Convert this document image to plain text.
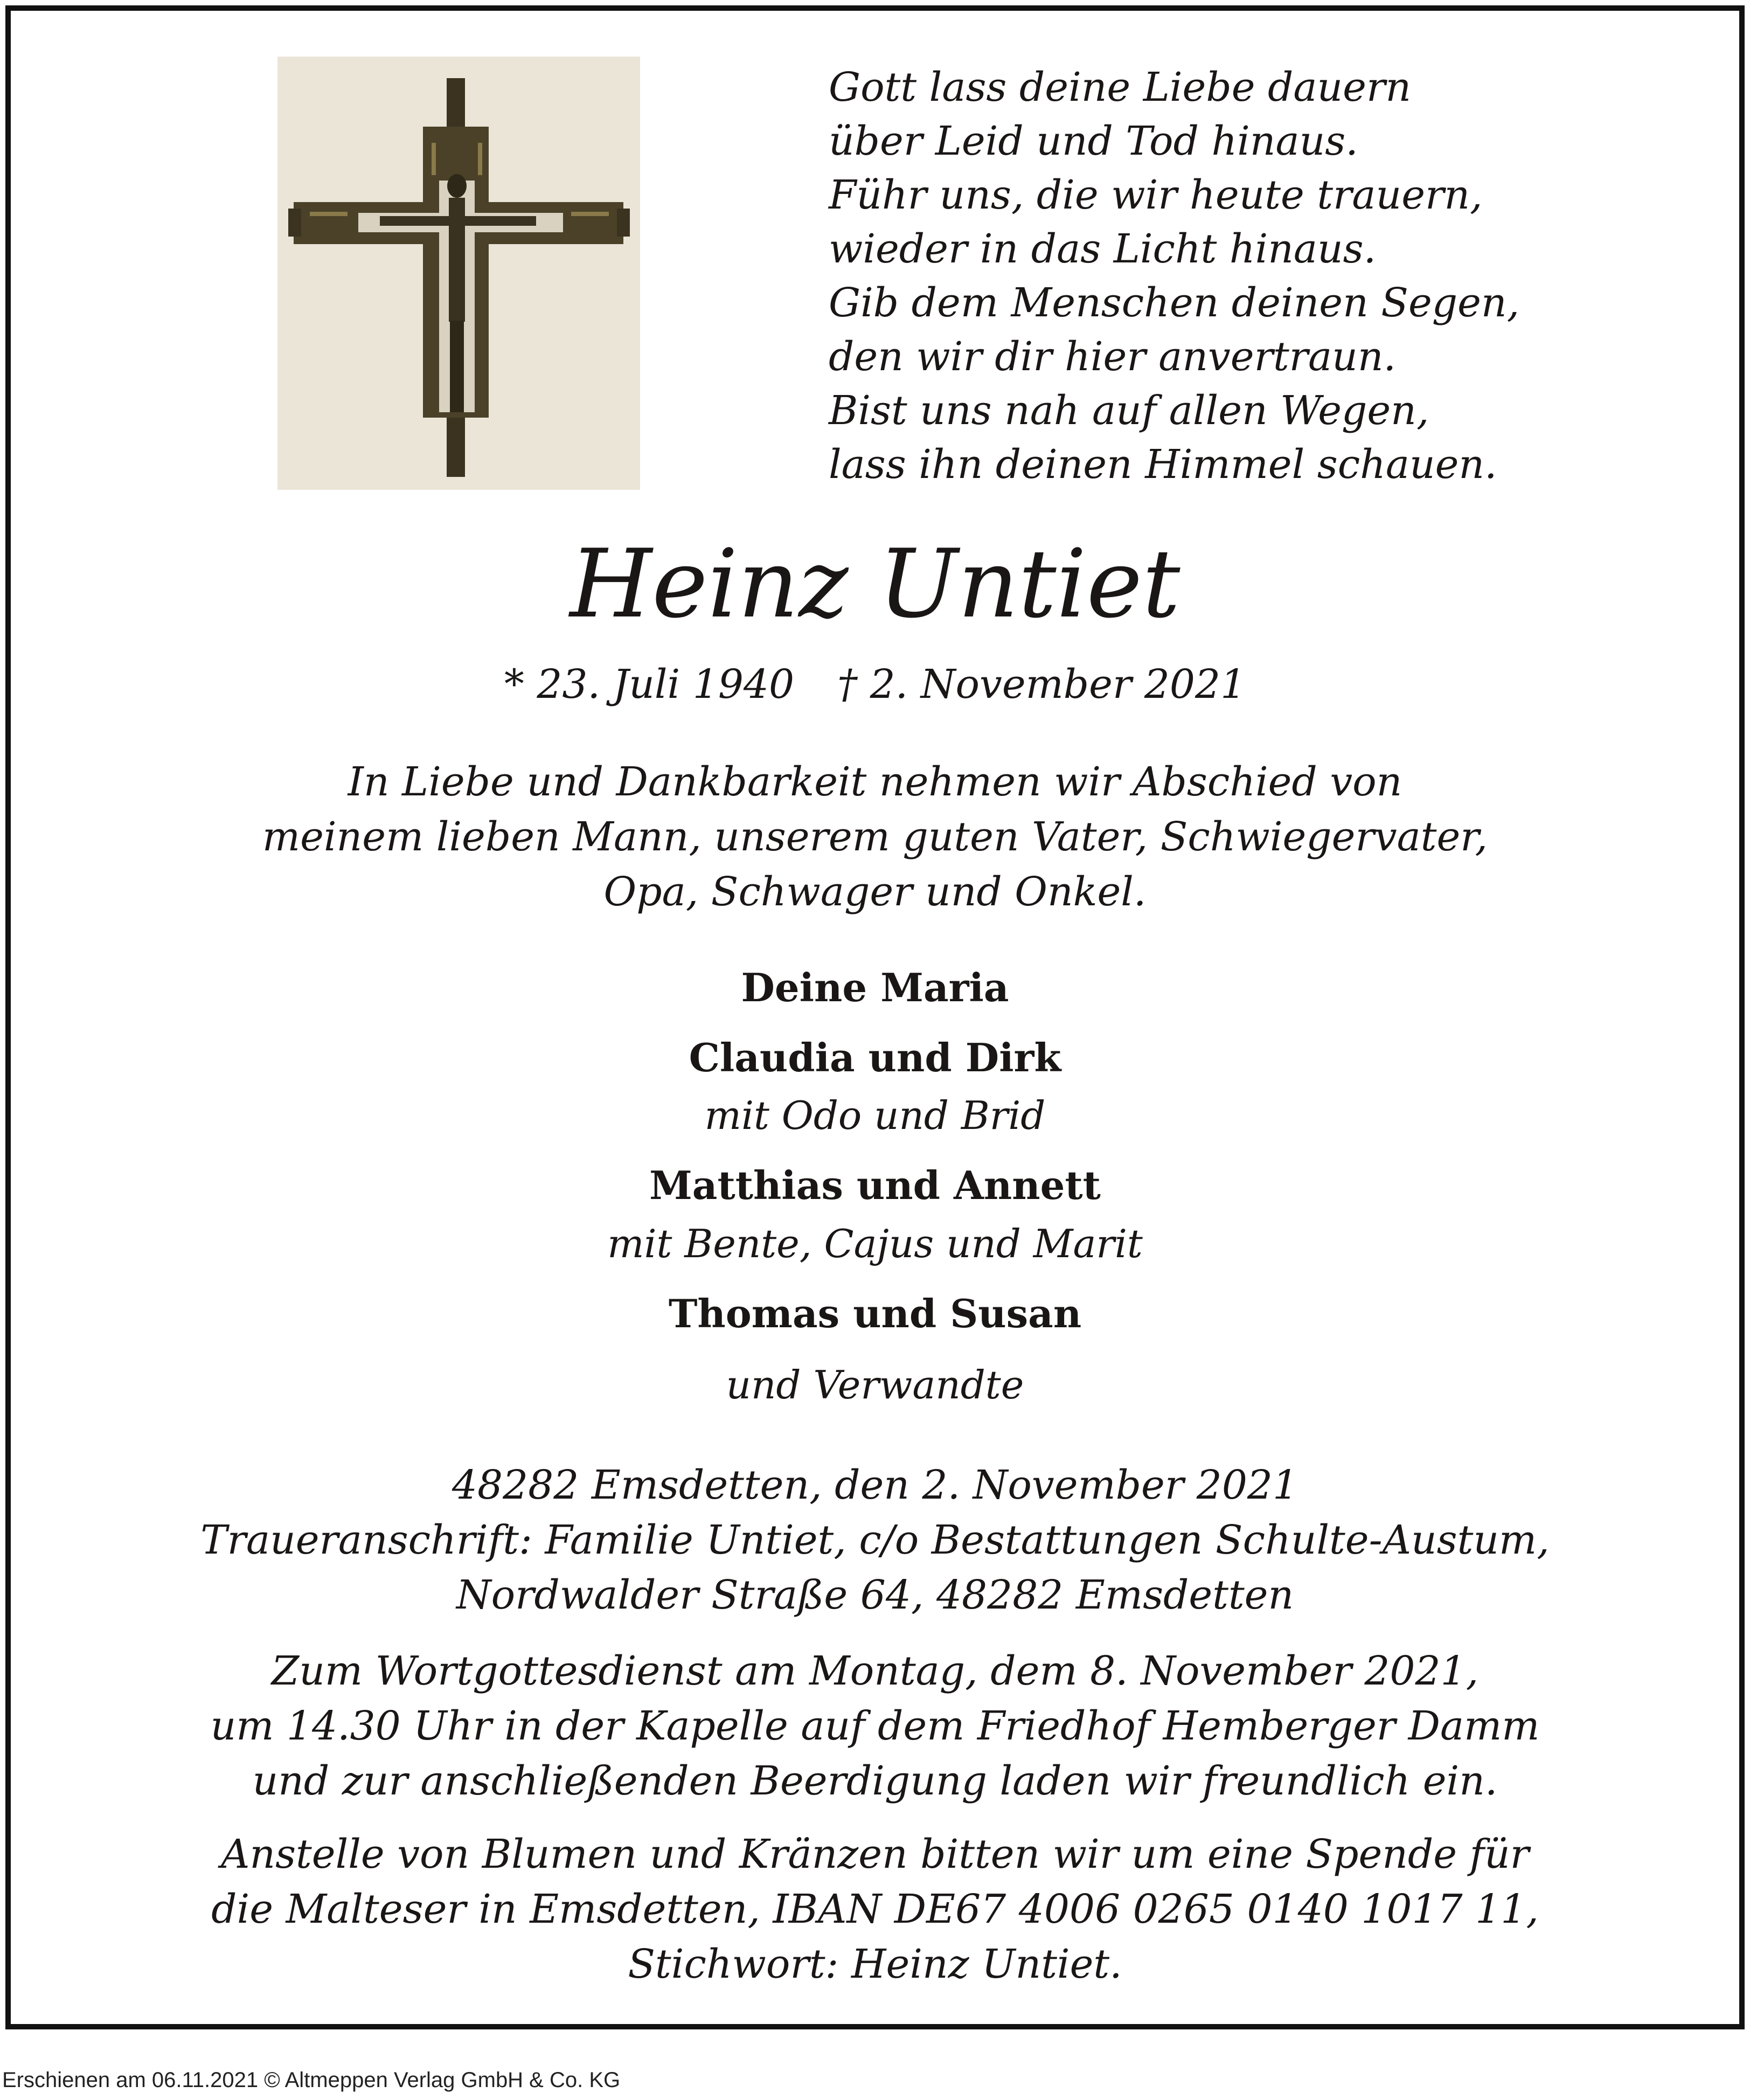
Gott lass deine Liebe dauern
über Leid und Tod hinaus.
Führ uns, die wir heute trauern,
wieder in das Licht hinaus.
Gib dem Menschen deinen Segen,
den wir dir hier anvertraun.
Bist uns nah auf allen Wegen,
lass ihn deinen Himmel schauen.
Heinz Untiet
* 23. Juli 1940 † 2. November 2021
In Liebe und Dankbarkeit nehmen wir Abschied von
meinem lieben Mann, unserem guten Vater, Schwiegervater,
Opa, Schwager und Onkel.
Deine Maria
Claudia und Dirk
mit Odo und Brid
Matthias und Annett
mit Bente, Cajus und Marit
Thomas und Susan
und Verwandte
48282 Emsdetten, den 2. November 2021
Traueranschrift: Familie Untiet, c/o Bestattungen Schulte-Austum,
Nordwalder Straße 64, 48282 Emsdetten
Zum Wortgottesdienst am Montag, dem 8. November 2021,
um 14.30 Uhr in der Kapelle auf dem Friedhof Hemberger Damm
und zur anschließenden Beerdigung laden wir freundlich ein.
Anstelle von Blumen und Kränzen bitten wir um eine Spende für
die Malteser in Emsdetten, IBAN DE67 4006 0265 0140 1017 11,
Stichwort: Heinz Untiet.
Erschienen am 06.11.2021 © Altmeppen Verlag GmbH & Co. KG
